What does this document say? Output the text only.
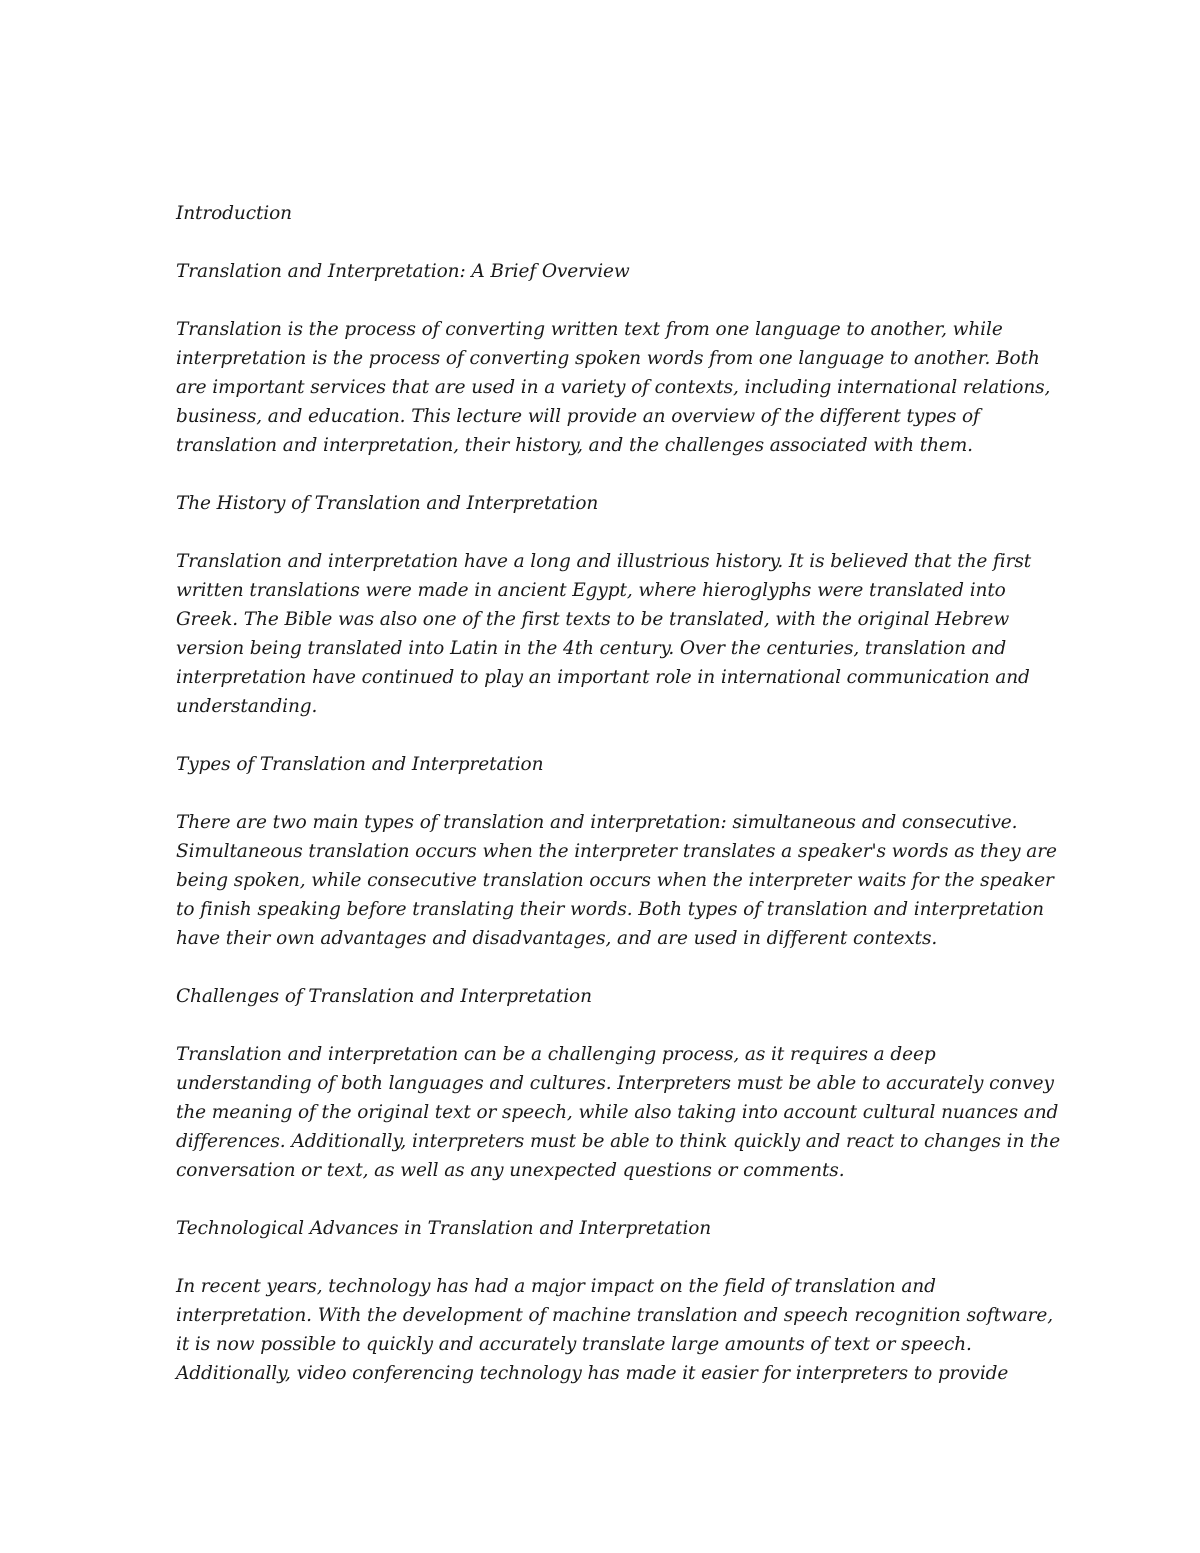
Introduction
Translation and Interpretation: A Brief Overview
Translation is the process of converting written text from one language to another, while
interpretation is the process of converting spoken words from one language to another. Both
are important services that are used in a variety of contexts, including international relations,
business, and education. This lecture will provide an overview of the different types of
translation and interpretation, their history, and the challenges associated with them.
The History of Translation and Interpretation
Translation and interpretation have a long and illustrious history. It is believed that the first
written translations were made in ancient Egypt, where hieroglyphs were translated into
Greek. The Bible was also one of the first texts to be translated, with the original Hebrew
version being translated into Latin in the 4th century. Over the centuries, translation and
interpretation have continued to play an important role in international communication and
understanding.
Types of Translation and Interpretation
There are two main types of translation and interpretation: simultaneous and consecutive.
Simultaneous translation occurs when the interpreter translates a speaker's words as they are
being spoken, while consecutive translation occurs when the interpreter waits for the speaker
to finish speaking before translating their words. Both types of translation and interpretation
have their own advantages and disadvantages, and are used in different contexts.
Challenges of Translation and Interpretation
Translation and interpretation can be a challenging process, as it requires a deep
understanding of both languages and cultures. Interpreters must be able to accurately convey
the meaning of the original text or speech, while also taking into account cultural nuances and
differences. Additionally, interpreters must be able to think quickly and react to changes in the
conversation or text, as well as any unexpected questions or comments.
Technological Advances in Translation and Interpretation
In recent years, technology has had a major impact on the field of translation and
interpretation. With the development of machine translation and speech recognition software,
it is now possible to quickly and accurately translate large amounts of text or speech.
Additionally, video conferencing technology has made it easier for interpreters to provide
